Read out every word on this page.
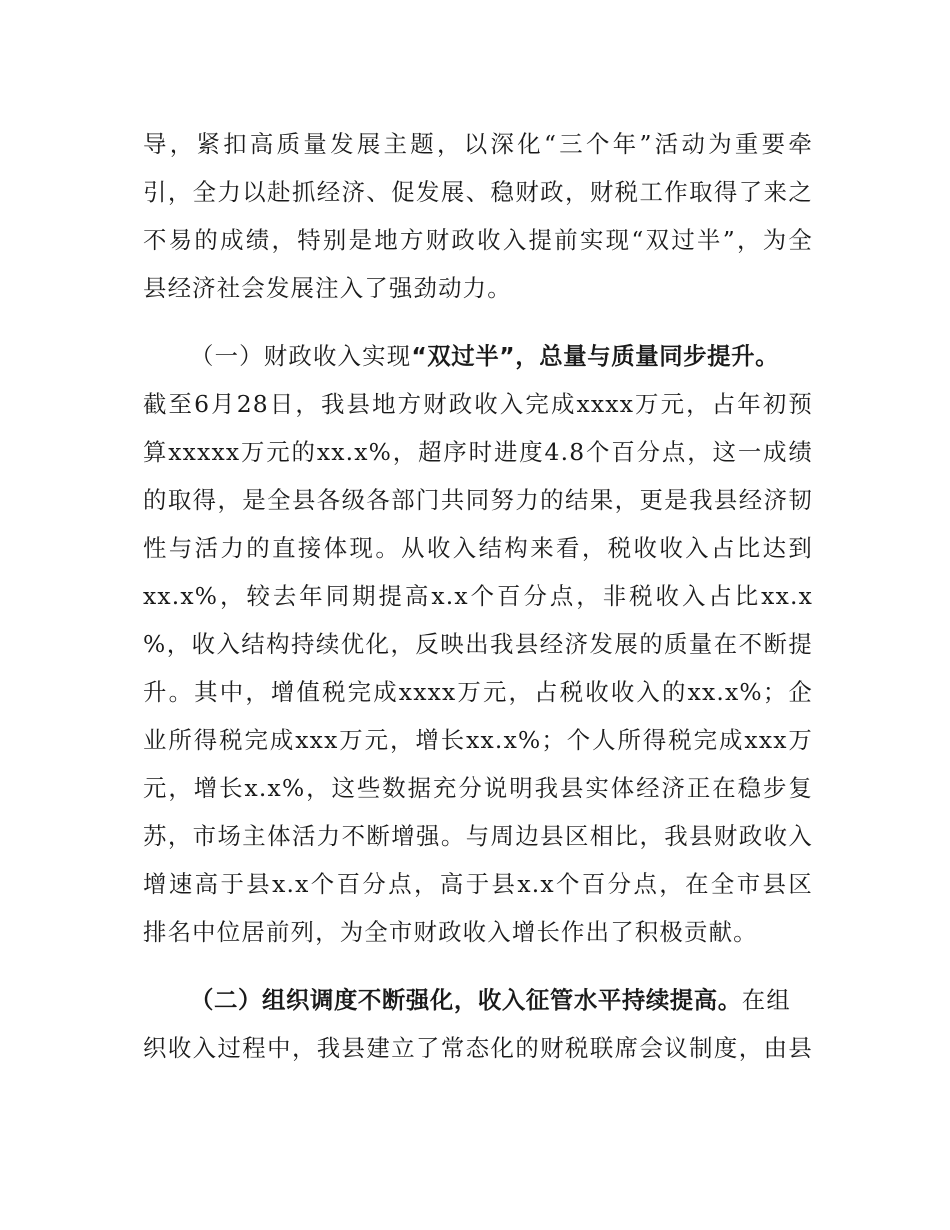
导，紧扣高质量发展主题，以深化“三个年”活动为重要牵
引，全力以赴抓经济、促发展、稳财政，财税工作取得了来之
不易的成绩，特别是地方财政收入提前实现“双过半”，为全
县经济社会发展注入了强劲动力。
（一）财政收入实现“双过半”，总量与质量同步提升。
截至6月28日，我县地方财政收入完成xxxx万元，占年初预
算xxxxx万元的xx.x%，超序时进度4.8个百分点，这一成绩
的取得，是全县各级各部门共同努力的结果，更是我县经济韧
性与活力的直接体现。从收入结构来看，税收收入占比达到
xx.x%，较去年同期提高x.x个百分点，非税收入占比xx.x
%，收入结构持续优化，反映出我县经济发展的质量在不断提
升。其中，增值税完成xxxx万元，占税收收入的xx.x%；企
业所得税完成xxx万元，增长xx.x%；个人所得税完成xxx万
元，增长x.x%，这些数据充分说明我县实体经济正在稳步复
苏，市场主体活力不断增强。与周边县区相比，我县财政收入
增速高于县x.x个百分点，高于县x.x个百分点，在全市县区
排名中位居前列，为全市财政收入增长作出了积极贡献。
（二）组织调度不断强化，收入征管水平持续提高。在组
织收入过程中，我县建立了常态化的财税联席会议制度，由县
